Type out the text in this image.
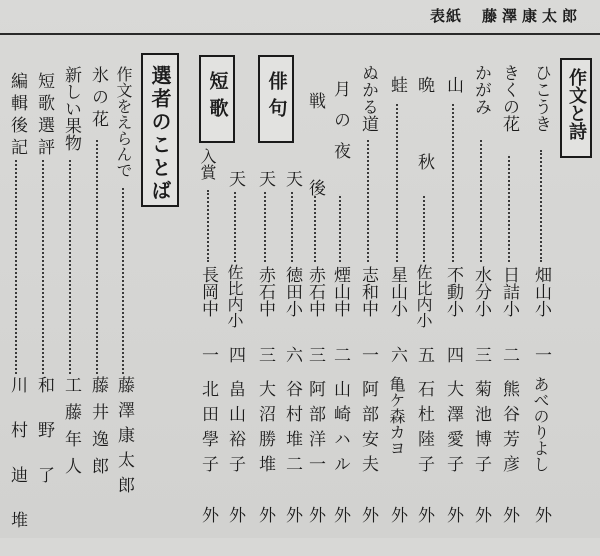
表紙 藤澤康太郎
作文と詩
俳句
短歌
選者のことば	ひこうき
畑山小
一
あべのりよし
外
きくの花
日詰小
二
熊谷芳彦
外
かがみ
水分小
三
菊池博子
外
山
不動小
四
大澤愛子
外
晩秋
佐比内小
五
石杜陸子
外
蛙
星山小
六
亀ケ森カヨ
外
ぬかる道
志和中
一
阿部安夫
外
月の夜
煙山中
二
山崎ハル
外
戦後
赤石中
三
阿部洋一
外
天
徳田小
六
谷村堆二
外
天
赤石中
三
大沼勝堆
外
天
佐比内小
四
畠山裕子
外
入賞
長岡中
一
北田學子
外
作文をえらんで
藤澤康太郎
氷の花
藤井逸郎
新しい果物
工藤年人
短歌選評
和野了
編輯後記
川村迪堆
